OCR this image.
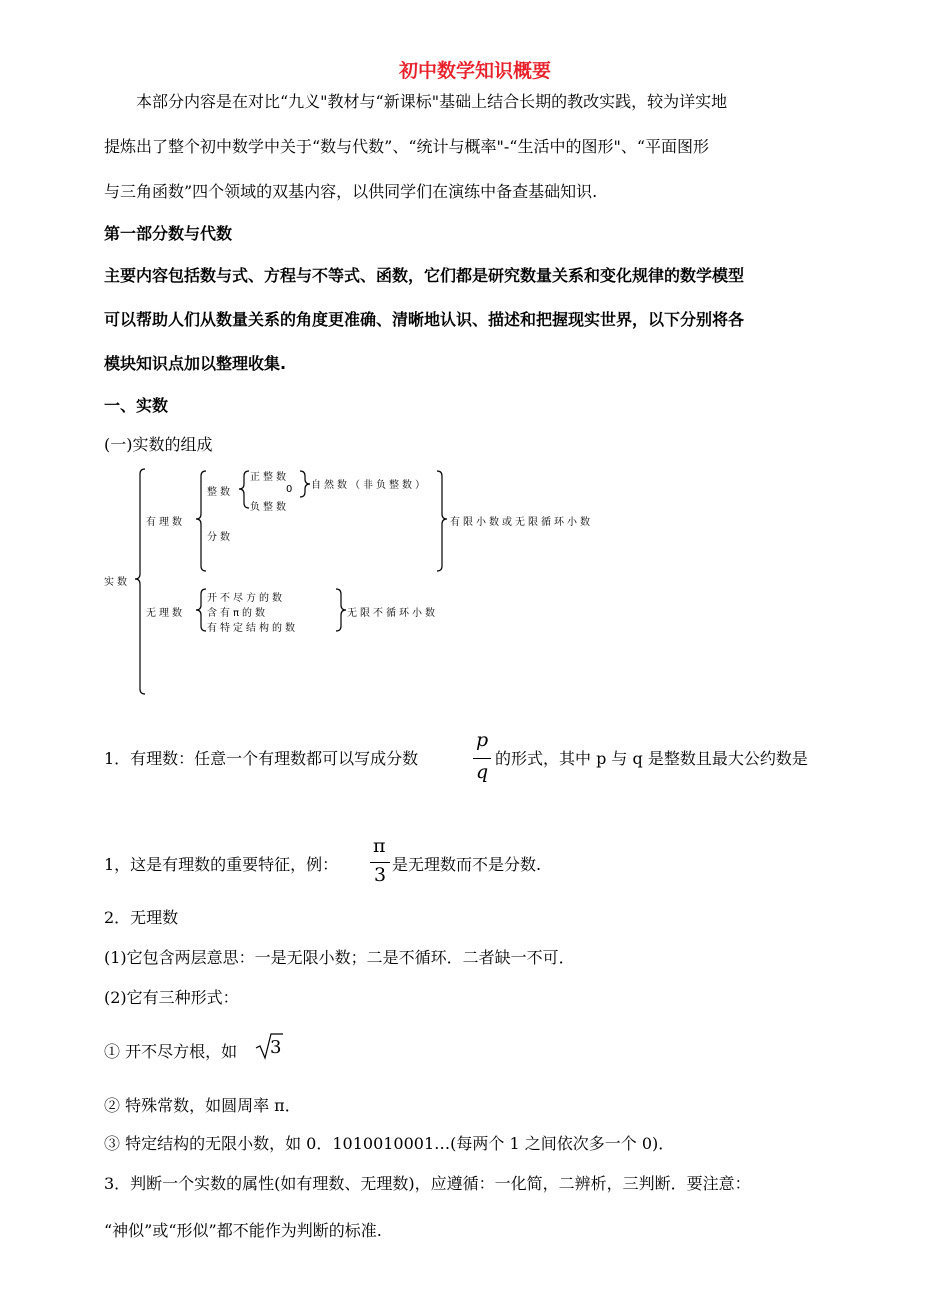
初中数学知识概要
本部分内容是在对比“九义"教材与“新课标"基础上结合长期的教改实践，较为详实地
提炼出了整个初中数学中关于“数与代数”、“统计与概率"-“生活中的图形"、“平面图形
与三角函数”四个领域的双基内容，以供同学们在演练中备查基础知识.
第一部分数与代数
主要内容包括数与式、方程与不等式、函数，它们都是研究数量关系和变化规律的数学模型
可以帮助人们从数量关系的角度更准确、清晰地认识、描述和把握现实世界，以下分别将各
模块知识点加以整理收集.
一、实数
(一)实数的组成
实数
有理数
整数
正整数
0
负整数
自然数（非负整数）
分数
有限小数或无限循环小数
无理数
开不尽方的数
含有π的数
有特定结构的数
无限不循环小数
1．有理数：任意一个有理数都可以写成分数
p
q
的形式，其中 p 与 q 是整数且最大公约数是
1，这是有理数的重要特征，例：
π
3 是无理数而不是分数.
2．无理数
(1)它包含两层意思：一是无限小数；二是不循环．二者缺一不可．
(2)它有三种形式：
① 开不尽方根，如 3
② 特殊常数，如圆周率 π．
③ 特定结构的无限小数，如 0．1010010001…(每两个 1 之间依次多一个 0)．
3．判断一个实数的属性(如有理数、无理数)，应遵循：一化简，二辨析，三判断．要注意：
“神似”或“形似”都不能作为判断的标准.
